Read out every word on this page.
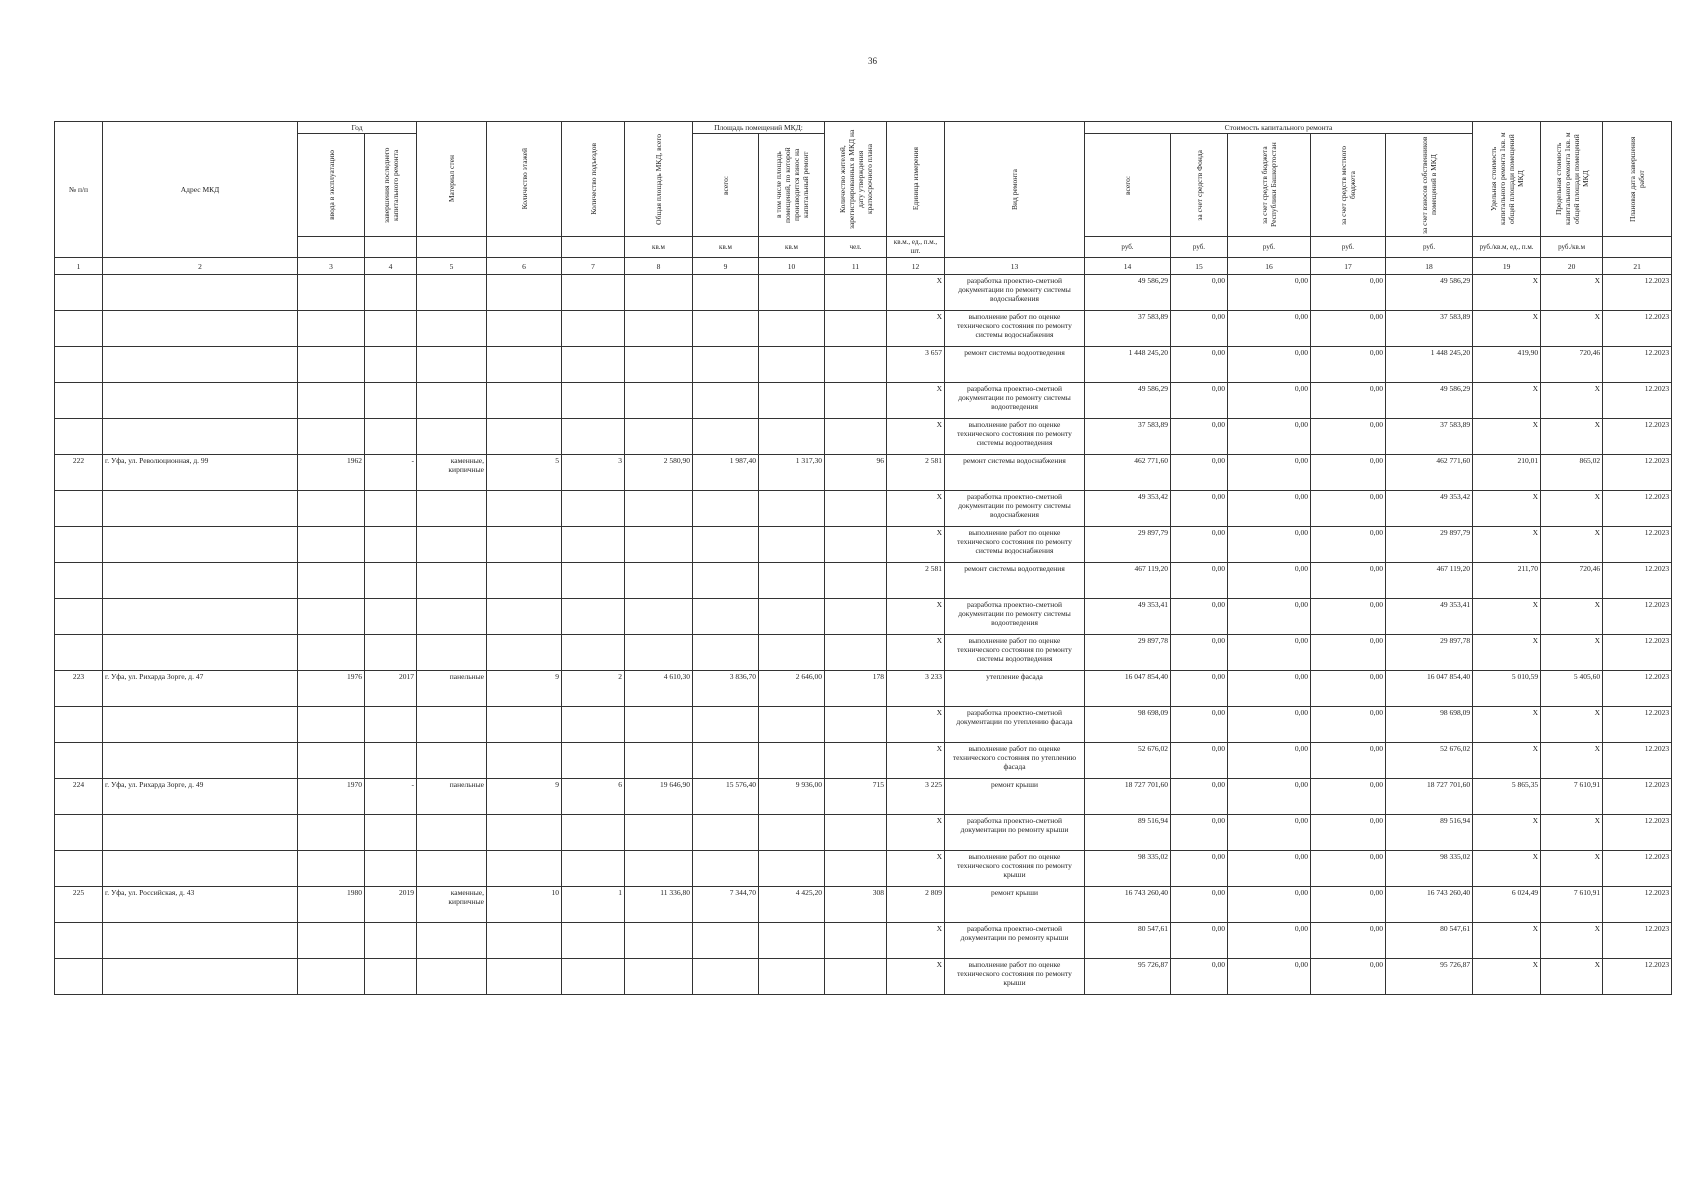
36
№ п/п	Адрес МКД	Год		Материал стен	Количество этажей	Количество подъездов	Общая площадь МКД, всего	Площадь помещений МКД:		Количество жителей, зарегистрированных в МКД на дату утверждения краткосрочного плана	Единица измерения	Вид ремонта	Стоимость капитального ремонта					Удельная стоимость капитального ремонта 1кв. м общей площади помещений МКД	Предельная стоимость капитального ремонта 1кв. м общей площади помещений МКД	Плановая дата завершения работ

		ввода в эксплуатацию	завершения последнего капитального ремонта					всего:	в том числе площадь помещений, по которой производится взнос на капитальный ремонт				всего:	за счет средств Фонда	за счет средств бюджета Республики Башкортостан	за счет средств местного бюджета	за счет взносов собственников помещений в МКД			

							кв.м	кв.м	кв.м	чел.	кв.м., ед., п.м., шт.		руб.	руб.	руб.	руб.	руб.	руб./кв.м, ед., п.м.	руб./кв.м	
1	2	3	4	5	6	7	8	9	10	11	12	13	14	15	16	17	18	19	20	21
											X	разработка проектно-сметной документации по ремонту системы водоснабжения	49 586,29	0,00	0,00	0,00	49 586,29	X	X	12.2023
											X	выполнение работ по оценке технического состояния по ремонту системы водоснабжения	37 583,89	0,00	0,00	0,00	37 583,89	X	X	12.2023
											3 657	ремонт системы водоотведения	1 448 245,20	0,00	0,00	0,00	1 448 245,20	419,90	720,46	12.2023
											X	разработка проектно-сметной документации по ремонту системы водоотведения	49 586,29	0,00	0,00	0,00	49 586,29	X	X	12.2023
											X	выполнение работ по оценке технического состояния по ремонту системы водоотведения	37 583,89	0,00	0,00	0,00	37 583,89	X	X	12.2023
222	г. Уфа, ул. Революционная, д. 99	1962	-	каменные, кирпичные	5	3	2 580,90	1 987,40	1 317,30	96	2 581	ремонт системы водоснабжения	462 771,60	0,00	0,00	0,00	462 771,60	210,01	865,02	12.2023
											X	разработка проектно-сметной документации по ремонту системы водоснабжения	49 353,42	0,00	0,00	0,00	49 353,42	X	X	12.2023
											X	выполнение работ по оценке технического состояния по ремонту системы водоснабжения	29 897,79	0,00	0,00	0,00	29 897,79	X	X	12.2023
											2 581	ремонт системы водоотведения	467 119,20	0,00	0,00	0,00	467 119,20	211,70	720,46	12.2023
											X	разработка проектно-сметной документации по ремонту системы водоотведения	49 353,41	0,00	0,00	0,00	49 353,41	X	X	12.2023
											X	выполнение работ по оценке технического состояния по ремонту системы водоотведения	29 897,78	0,00	0,00	0,00	29 897,78	X	X	12.2023
223	г. Уфа, ул. Рихарда Зорге, д. 47	1976	2017	панельные	9	2	4 610,30	3 836,70	2 646,00	178	3 233	утепление фасада	16 047 854,40	0,00	0,00	0,00	16 047 854,40	5 010,59	5 405,60	12.2023
											X	разработка проектно-сметной документации по утеплению фасада	98 698,09	0,00	0,00	0,00	98 698,09	X	X	12.2023
											X	выполнение работ по оценке технического состояния по утеплению фасада	52 676,02	0,00	0,00	0,00	52 676,02	X	X	12.2023
224	г. Уфа, ул. Рихарда Зорге, д. 49	1970	-	панельные	9	6	19 646,90	15 576,40	9 936,00	715	3 225	ремонт крыши	18 727 701,60	0,00	0,00	0,00	18 727 701,60	5 865,35	7 610,91	12.2023
											X	разработка проектно-сметной документации по ремонту крыши	89 516,94	0,00	0,00	0,00	89 516,94	X	X	12.2023
											X	выполнение работ по оценке технического состояния по ремонту крыши	98 335,02	0,00	0,00	0,00	98 335,02	X	X	12.2023
225	г. Уфа, ул. Российская, д. 43	1980	2019	каменные, кирпичные	10	1	11 336,80	7 344,70	4 425,20	308	2 809	ремонт крыши	16 743 260,40	0,00	0,00	0,00	16 743 260,40	6 024,49	7 610,91	12.2023
											X	разработка проектно-сметной документации по ремонту крыши	80 547,61	0,00	0,00	0,00	80 547,61	X	X	12.2023
											X	выполнение работ по оценке технического состояния по ремонту крыши	95 726,87	0,00	0,00	0,00	95 726,87	X	X	12.2023
